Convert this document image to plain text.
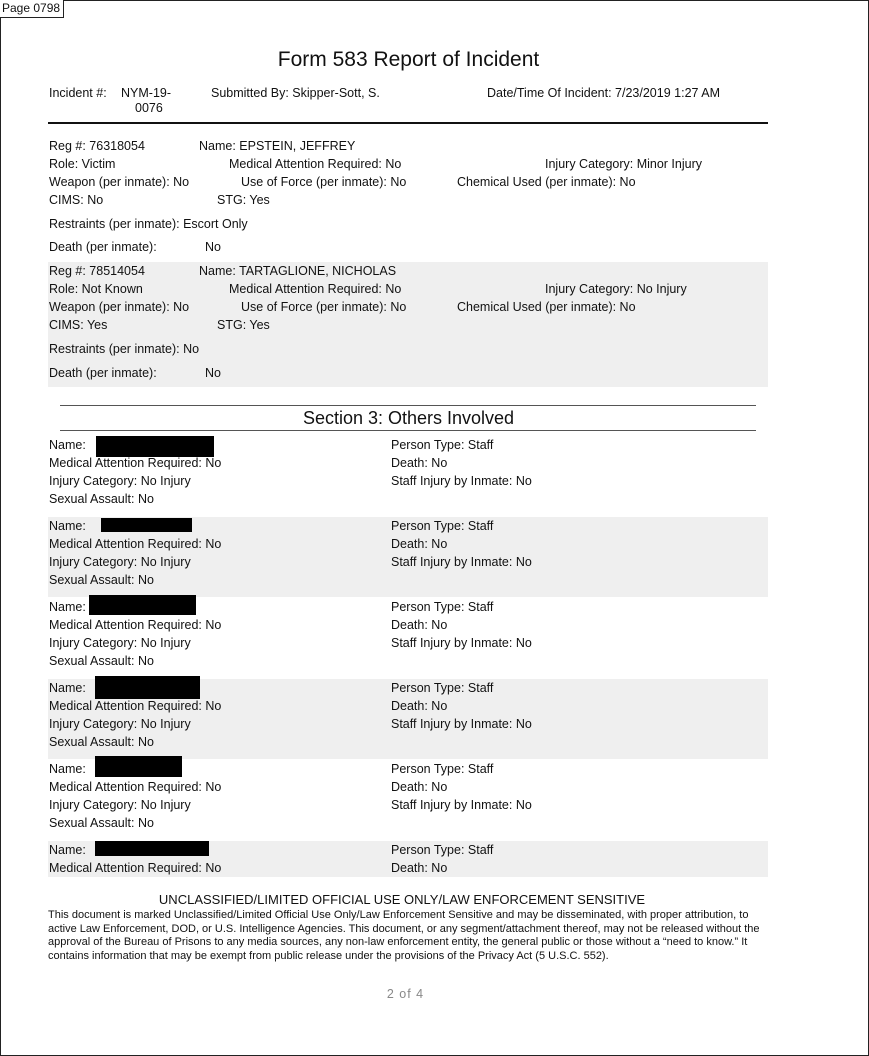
Page 0798
Form 583 Report of Incident
Incident #: NYM-19-
0076
Submitted By: Skipper-Sott, S.	Date/Time Of Incident: 7/23/2019 1:27 AM
Reg #: 76318054	Name: EPSTEIN, JEFFREY
Role: Victim	Medical Attention Required: No	Injury Category: Minor Injury
Weapon (per inmate): No	Use of Force (per inmate): No	Chemical Used (per inmate): No
CIMS: No	STG: Yes
Restraints (per inmate): Escort Only
Death (per inmate):	No
Reg #: 78514054	Name: TARTAGLIONE, NICHOLAS
Role: Not Known	Medical Attention Required: No	Injury Category: No Injury
Weapon (per inmate): No	Use of Force (per inmate): No	Chemical Used (per inmate): No
CIMS: Yes	STG: Yes
Restraints (per inmate): No
Death (per inmate):	No
Section 3: Others Involved
Name:	Person Type: Staff
Medical Attention Required: No	Death: No
Injury Category: No Injury	Staff Injury by Inmate: No
Sexual Assault: No
Name:	Person Type: Staff
Medical Attention Required: No	Death: No
Injury Category: No Injury	Staff Injury by Inmate: No
Sexual Assault: No
Name:	Person Type: Staff
Medical Attention Required: No	Death: No
Injury Category: No Injury	Staff Injury by Inmate: No
Sexual Assault: No
Name:	Person Type: Staff
Medical Attention Required: No	Death: No
Injury Category: No Injury	Staff Injury by Inmate: No
Sexual Assault: No
Name:	Person Type: Staff
Medical Attention Required: No	Death: No
Injury Category: No Injury	Staff Injury by Inmate: No
Sexual Assault: No
Name:	Person Type: Staff
Medical Attention Required: No	Death: No
UNCLASSIFIED/LIMITED OFFICIAL USE ONLY/LAW ENFORCEMENT SENSITIVE
This document is marked Unclassified/Limited Official Use Only/Law Enforcement Sensitive and may be disseminated, with proper attribution, to active Law Enforcement, DOD, or U.S. Intelligence Agencies. This document, or any segment/attachment thereof, may not be released without the approval of the Bureau of Prisons to any media sources, any non-law enforcement entity, the general public or those without a “need to know.” It contains information that may be exempt from public release under the provisions of the Privacy Act (5 U.S.C. 552).
2 of 4
